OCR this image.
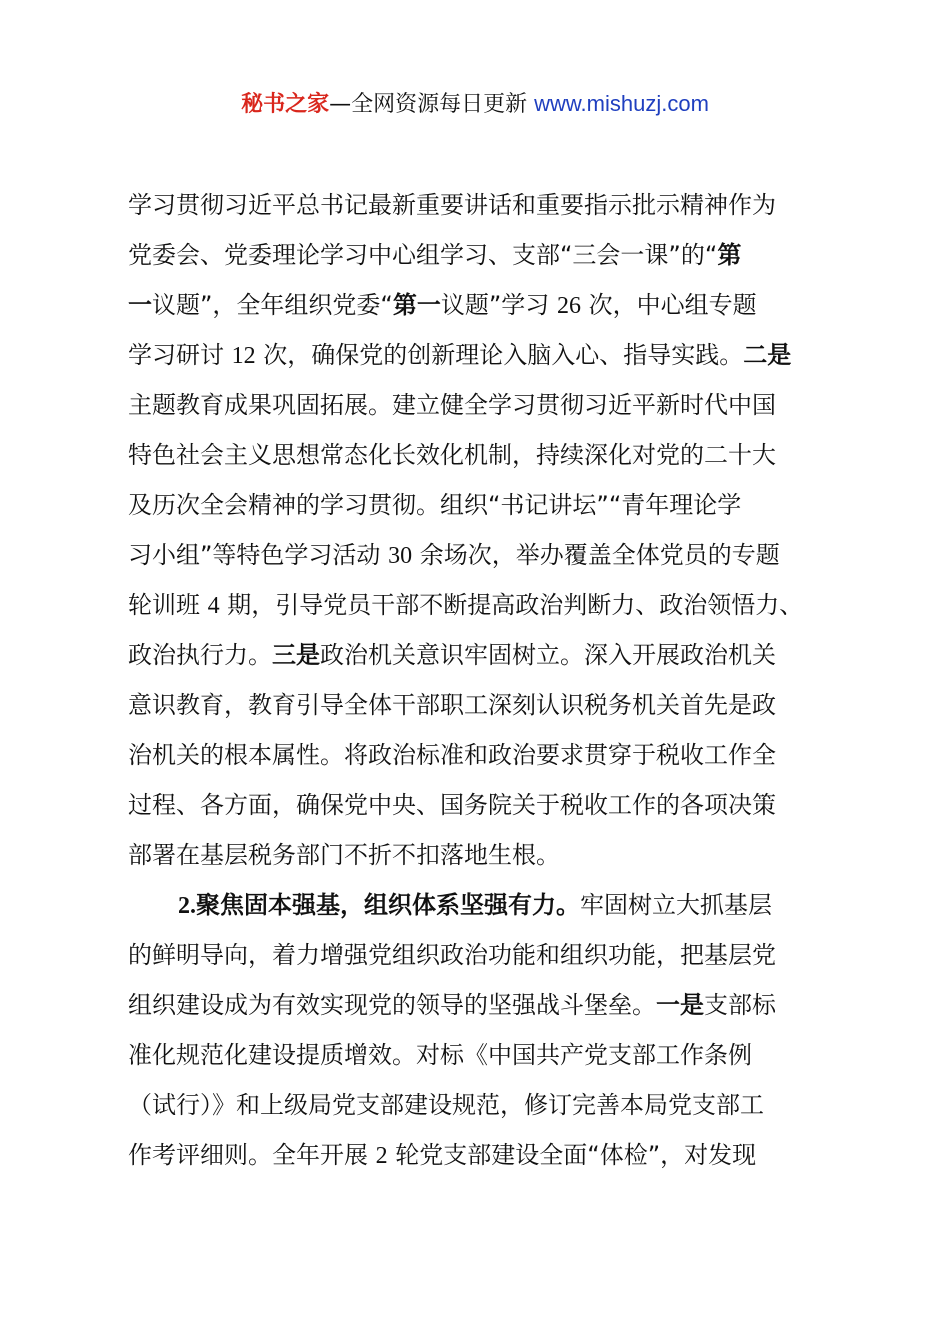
秘书之家—全网资源每日更新 www.mishuzj.com
学习贯彻习近平总书记最新重要讲话和重要指示批示精神作为
党委会、党委理论学习中心组学习、支部“三会一课”的“第
一议题”，全年组织党委“第一议题”学习 26 次，中心组专题
学习研讨 12 次，确保党的创新理论入脑入心、指导实践。二是
主题教育成果巩固拓展。建立健全学习贯彻习近平新时代中国
特色社会主义思想常态化长效化机制，持续深化对党的二十大
及历次全会精神的学习贯彻。组织“书记讲坛”“青年理论学
习小组”等特色学习活动 30 余场次，举办覆盖全体党员的专题
轮训班 4 期，引导党员干部不断提高政治判断力、政治领悟力、
政治执行力。三是政治机关意识牢固树立。深入开展政治机关
意识教育，教育引导全体干部职工深刻认识税务机关首先是政
治机关的根本属性。将政治标准和政治要求贯穿于税收工作全
过程、各方面，确保党中央、国务院关于税收工作的各项决策
部署在基层税务部门不折不扣落地生根。
2.聚焦固本强基，组织体系坚强有力。牢固树立大抓基层
的鲜明导向，着力增强党组织政治功能和组织功能，把基层党
组织建设成为有效实现党的领导的坚强战斗堡垒。一是支部标
准化规范化建设提质增效。对标《中国共产党支部工作条例
（试行）》和上级局党支部建设规范，修订完善本局党支部工
作考评细则。全年开展 2 轮党支部建设全面“体检”，对发现
